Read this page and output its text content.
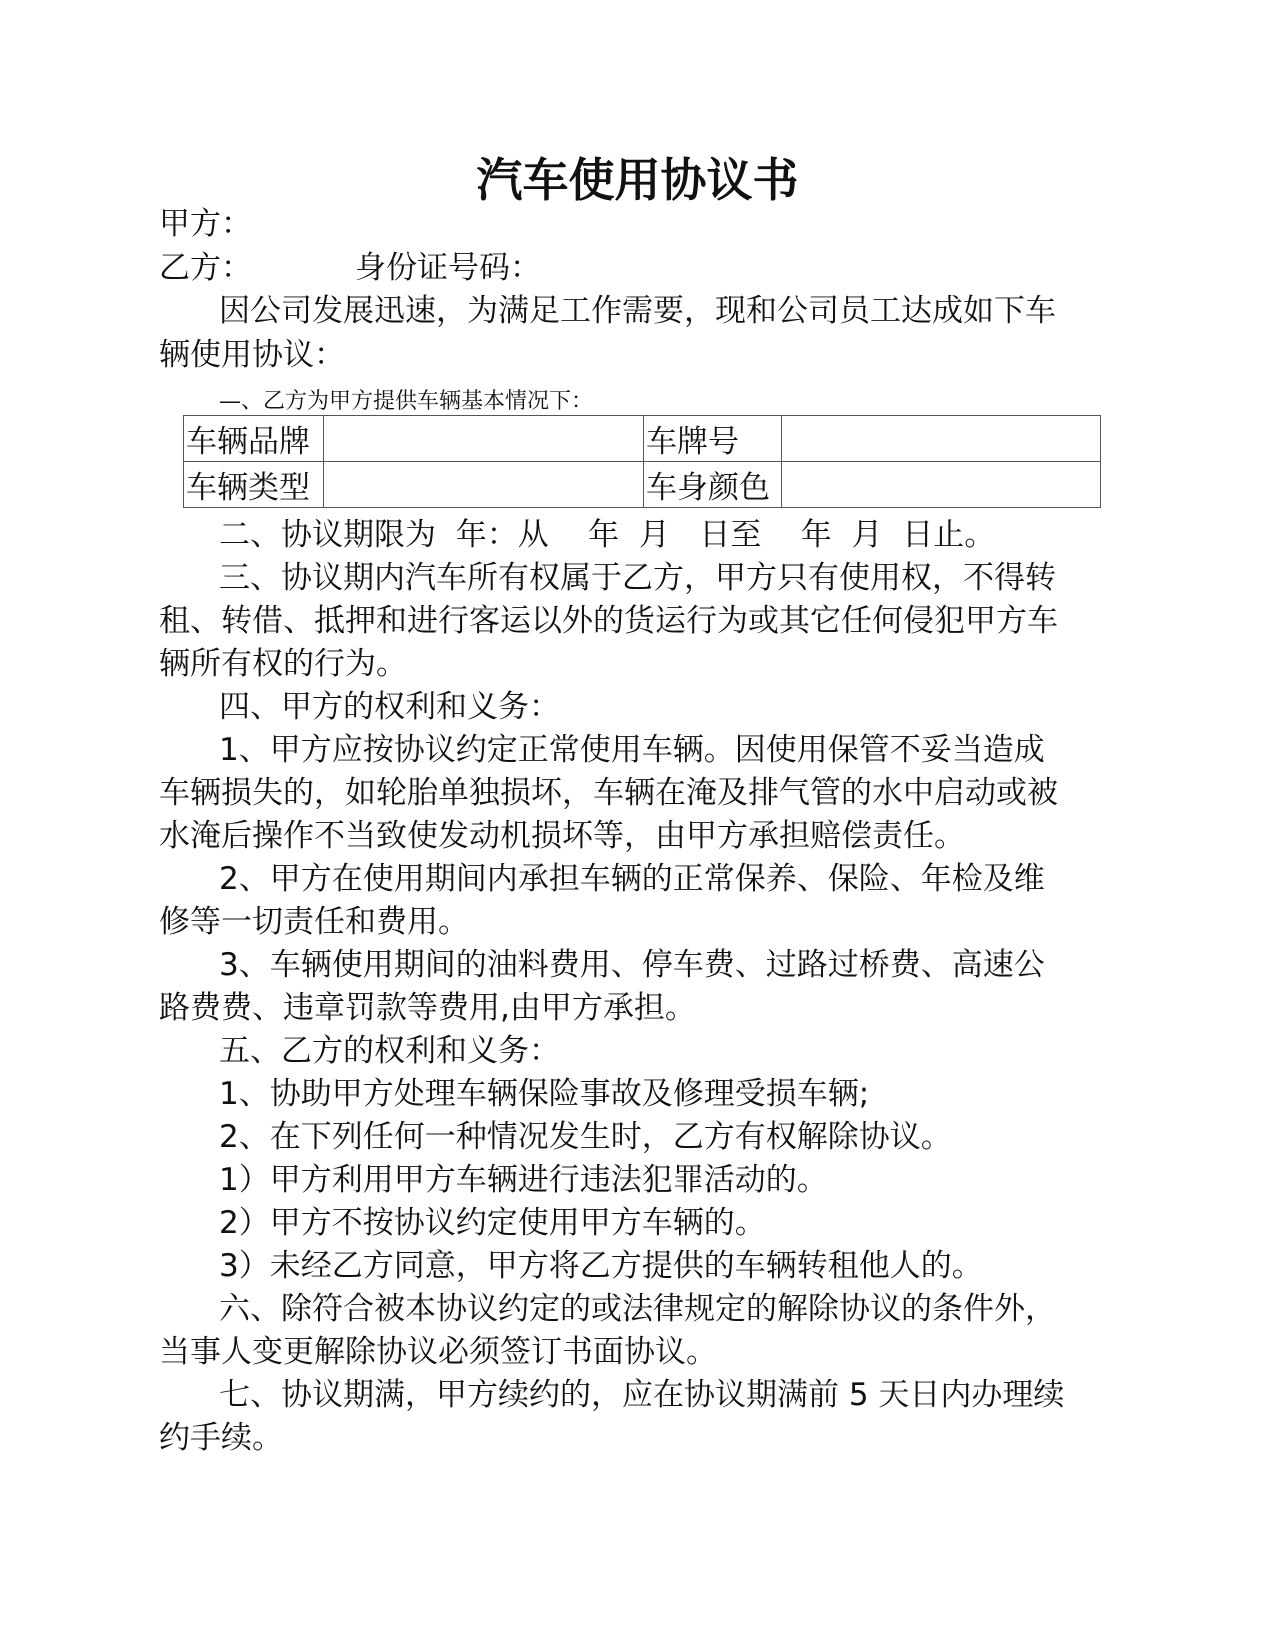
汽车使用协议书
甲方：
乙方：	身份证号码：
因公司发展迅速，为满足工作需要，现和公司员工达成如下车
辆使用协议：
—、乙方为甲方提供车辆基本情况下：
车辆品牌		车牌号	
车辆类型		车身颜色	
二、协议期限为  年：从    年  月   日至    年  月  日止。
三、协议期内汽车所有权属于乙方，甲方只有使用权，不得转
租、转借、抵押和进行客运以外的货运行为或其它任何侵犯甲方车
辆所有权的行为。
四、甲方的权利和义务：
1、甲方应按协议约定正常使用车辆。因使用保管不妥当造成
车辆损失的，如轮胎单独损坏，车辆在淹及排气管的水中启动或被
水淹后操作不当致使发动机损坏等，由甲方承担赔偿责任。
2、甲方在使用期间内承担车辆的正常保养、保险、年检及维
修等一切责任和费用。
3、车辆使用期间的油料费用、停车费、过路过桥费、高速公
路费费、违章罚款等费用,由甲方承担。
五、乙方的权利和义务：
1、协助甲方处理车辆保险事故及修理受损车辆;
2、在下列任何一种情况发生时，乙方有权解除协议。
1）甲方利用甲方车辆进行违法犯罪活动的。
2）甲方不按协议约定使用甲方车辆的。
3）未经乙方同意，甲方将乙方提供的车辆转租他人的。
六、除符合被本协议约定的或法律规定的解除协议的条件外，
当事人变更解除协议必须签订书面协议。
七、协议期满，甲方续约的，应在协议期满前 5 天日内办理续
约手续。
